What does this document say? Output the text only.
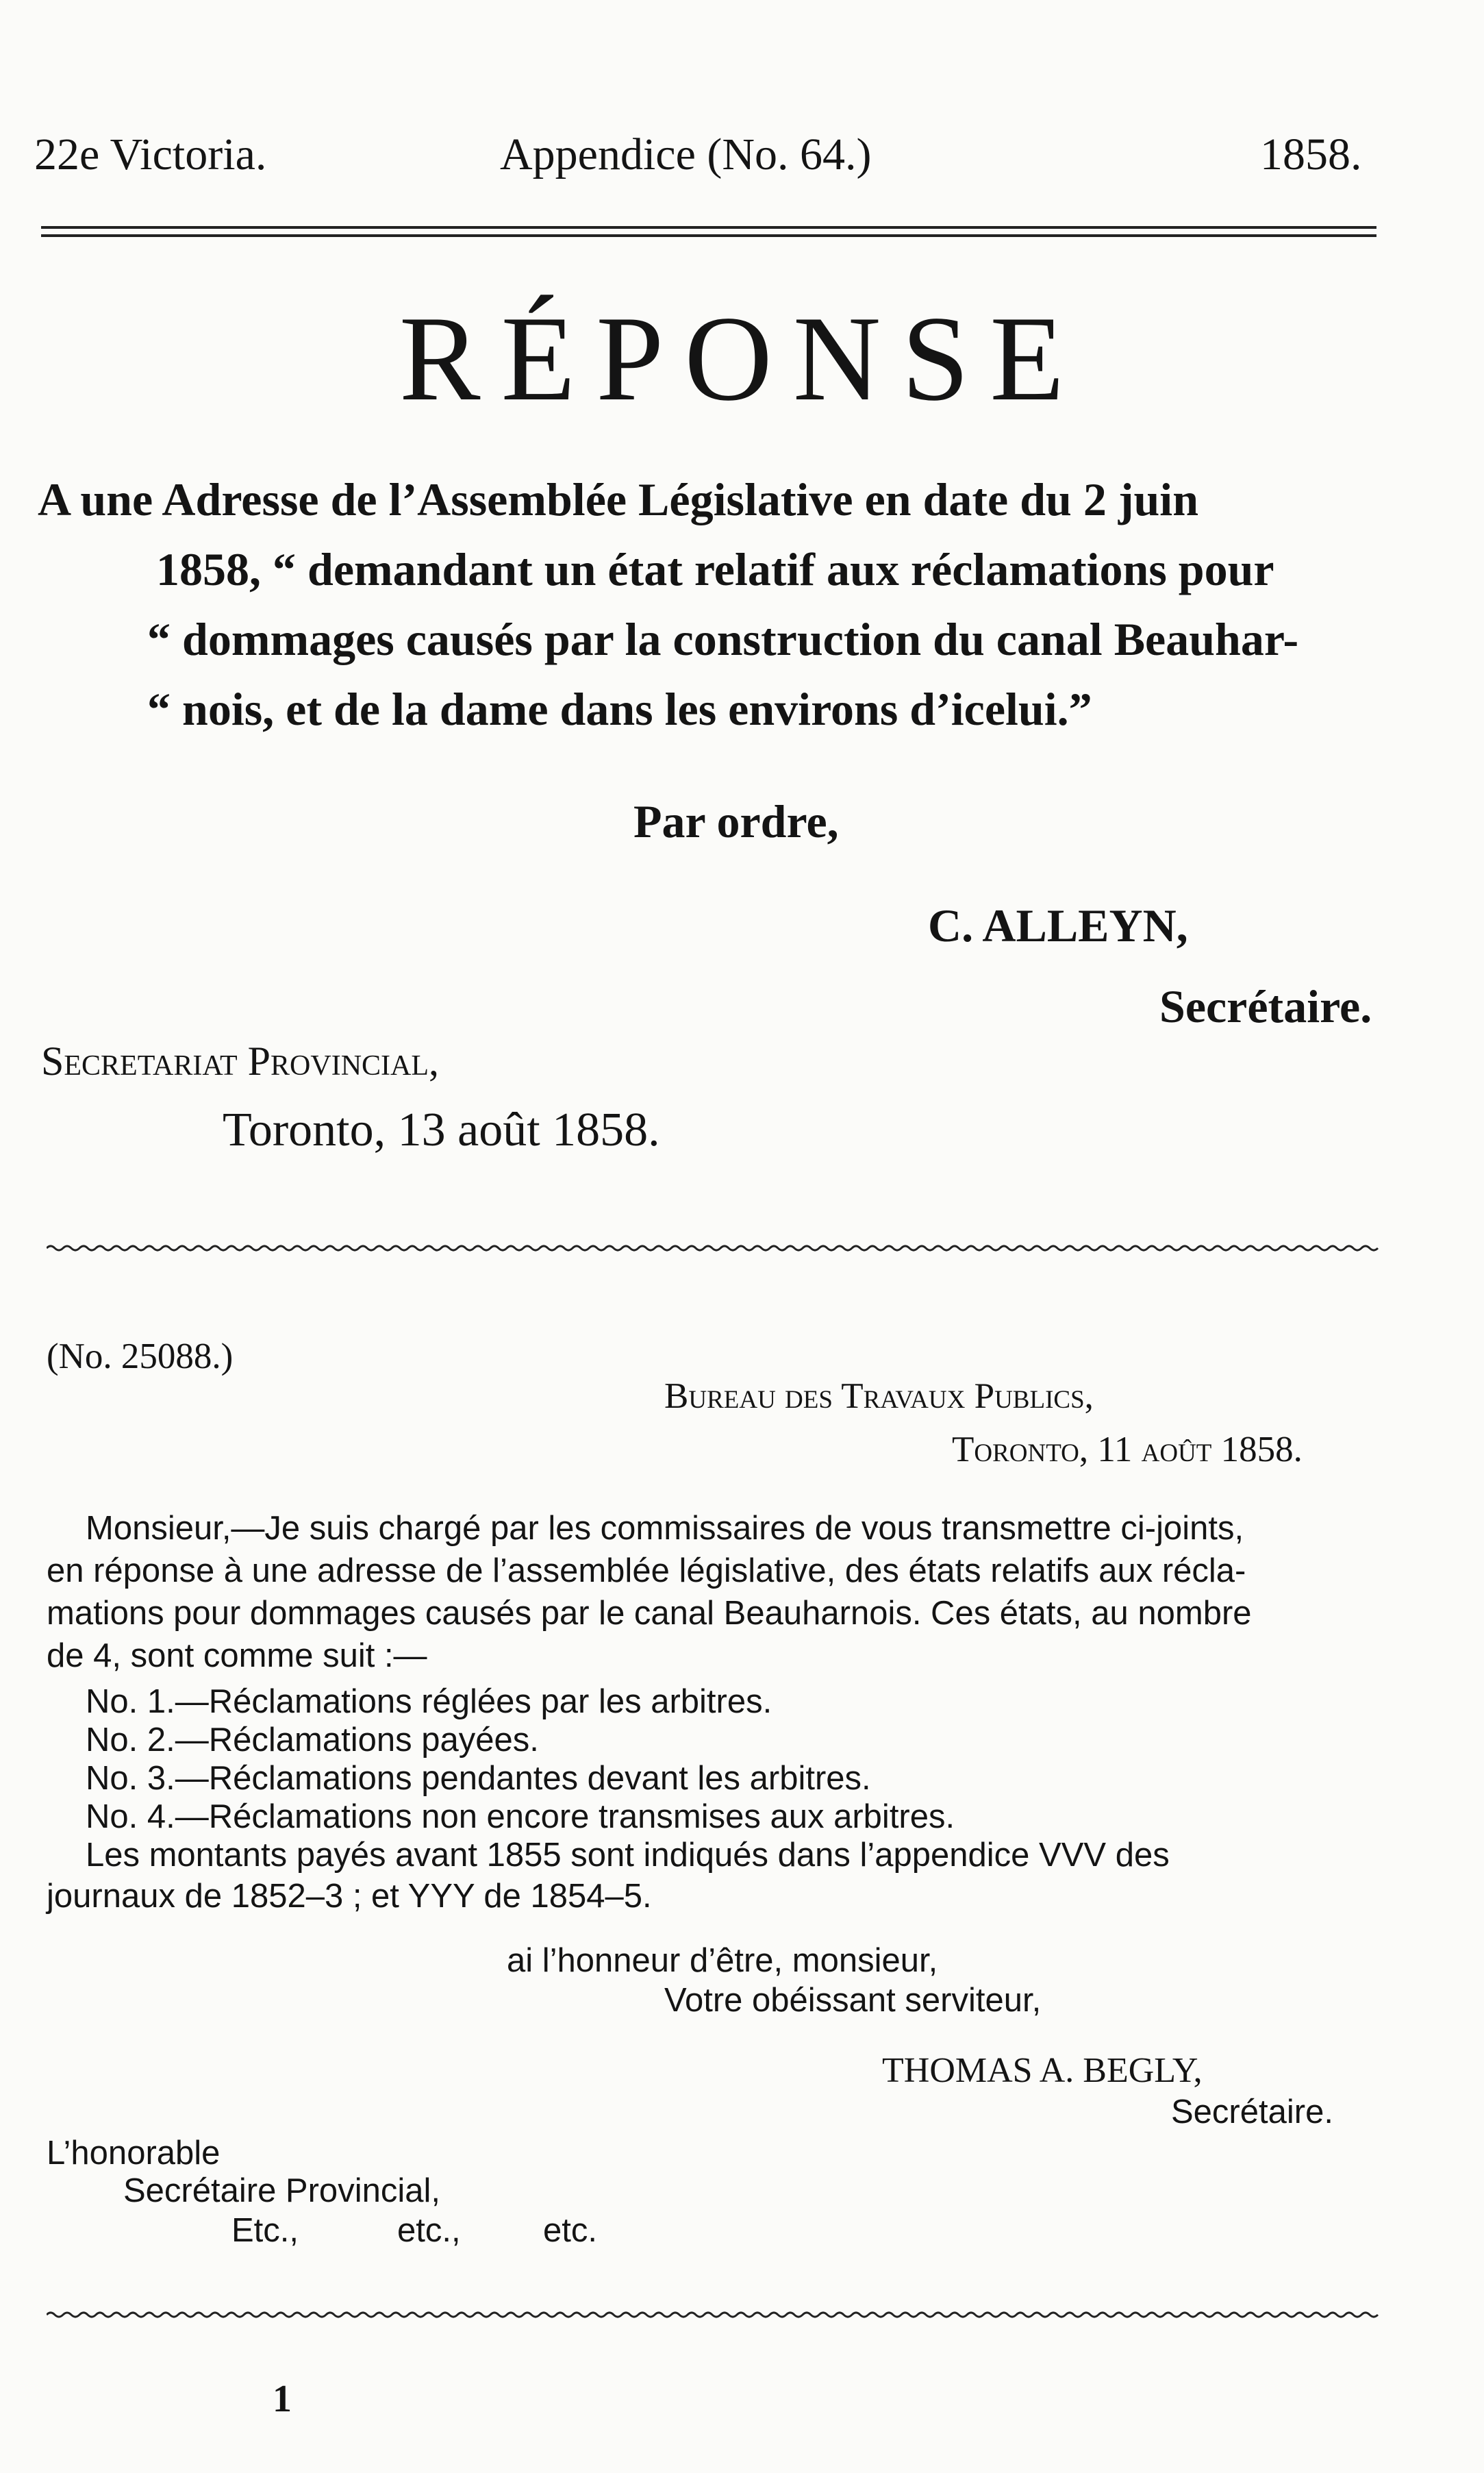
22e Victoria.	Appendice (No. 64.)	1858.
RÉPONSE
A une Adresse de l’Assemblée Législative en date du 2 juin
1858, “ demandant un état relatif aux réclamations pour
“ dommages causés par la construction du canal Beauhar-
“ nois, et de la dame dans les environs d’icelui.”
Par ordre,
C. ALLEYN,
Secrétaire.
Secretariat Provincial,
Toronto, 13 août 1858.
(No. 25088.)
Bureau des Travaux Publics,
Toronto, 11 août 1858.
Monsieur,—Je suis chargé par les commissaires de vous transmettre ci-joints,
en réponse à une adresse de l’assemblée législative, des états relatifs aux récla-
mations pour dommages causés par le canal Beauharnois. Ces états, au nombre
de 4, sont comme suit :—
No. 1.—Réclamations réglées par les arbitres.
No. 2.—Réclamations payées.
No. 3.—Réclamations pendantes devant les arbitres.
No. 4.—Réclamations non encore transmises aux arbitres.
Les montants payés avant 1855 sont indiqués dans l’appendice VVV des
journaux de 1852–3 ; et YYY de 1854–5.
ai l’honneur d’être, monsieur,
Votre obéissant serviteur,
THOMAS A. BEGLY,
Secrétaire.
L’honorable
Secrétaire Provincial,
Etc.,	etc., etc.
1
